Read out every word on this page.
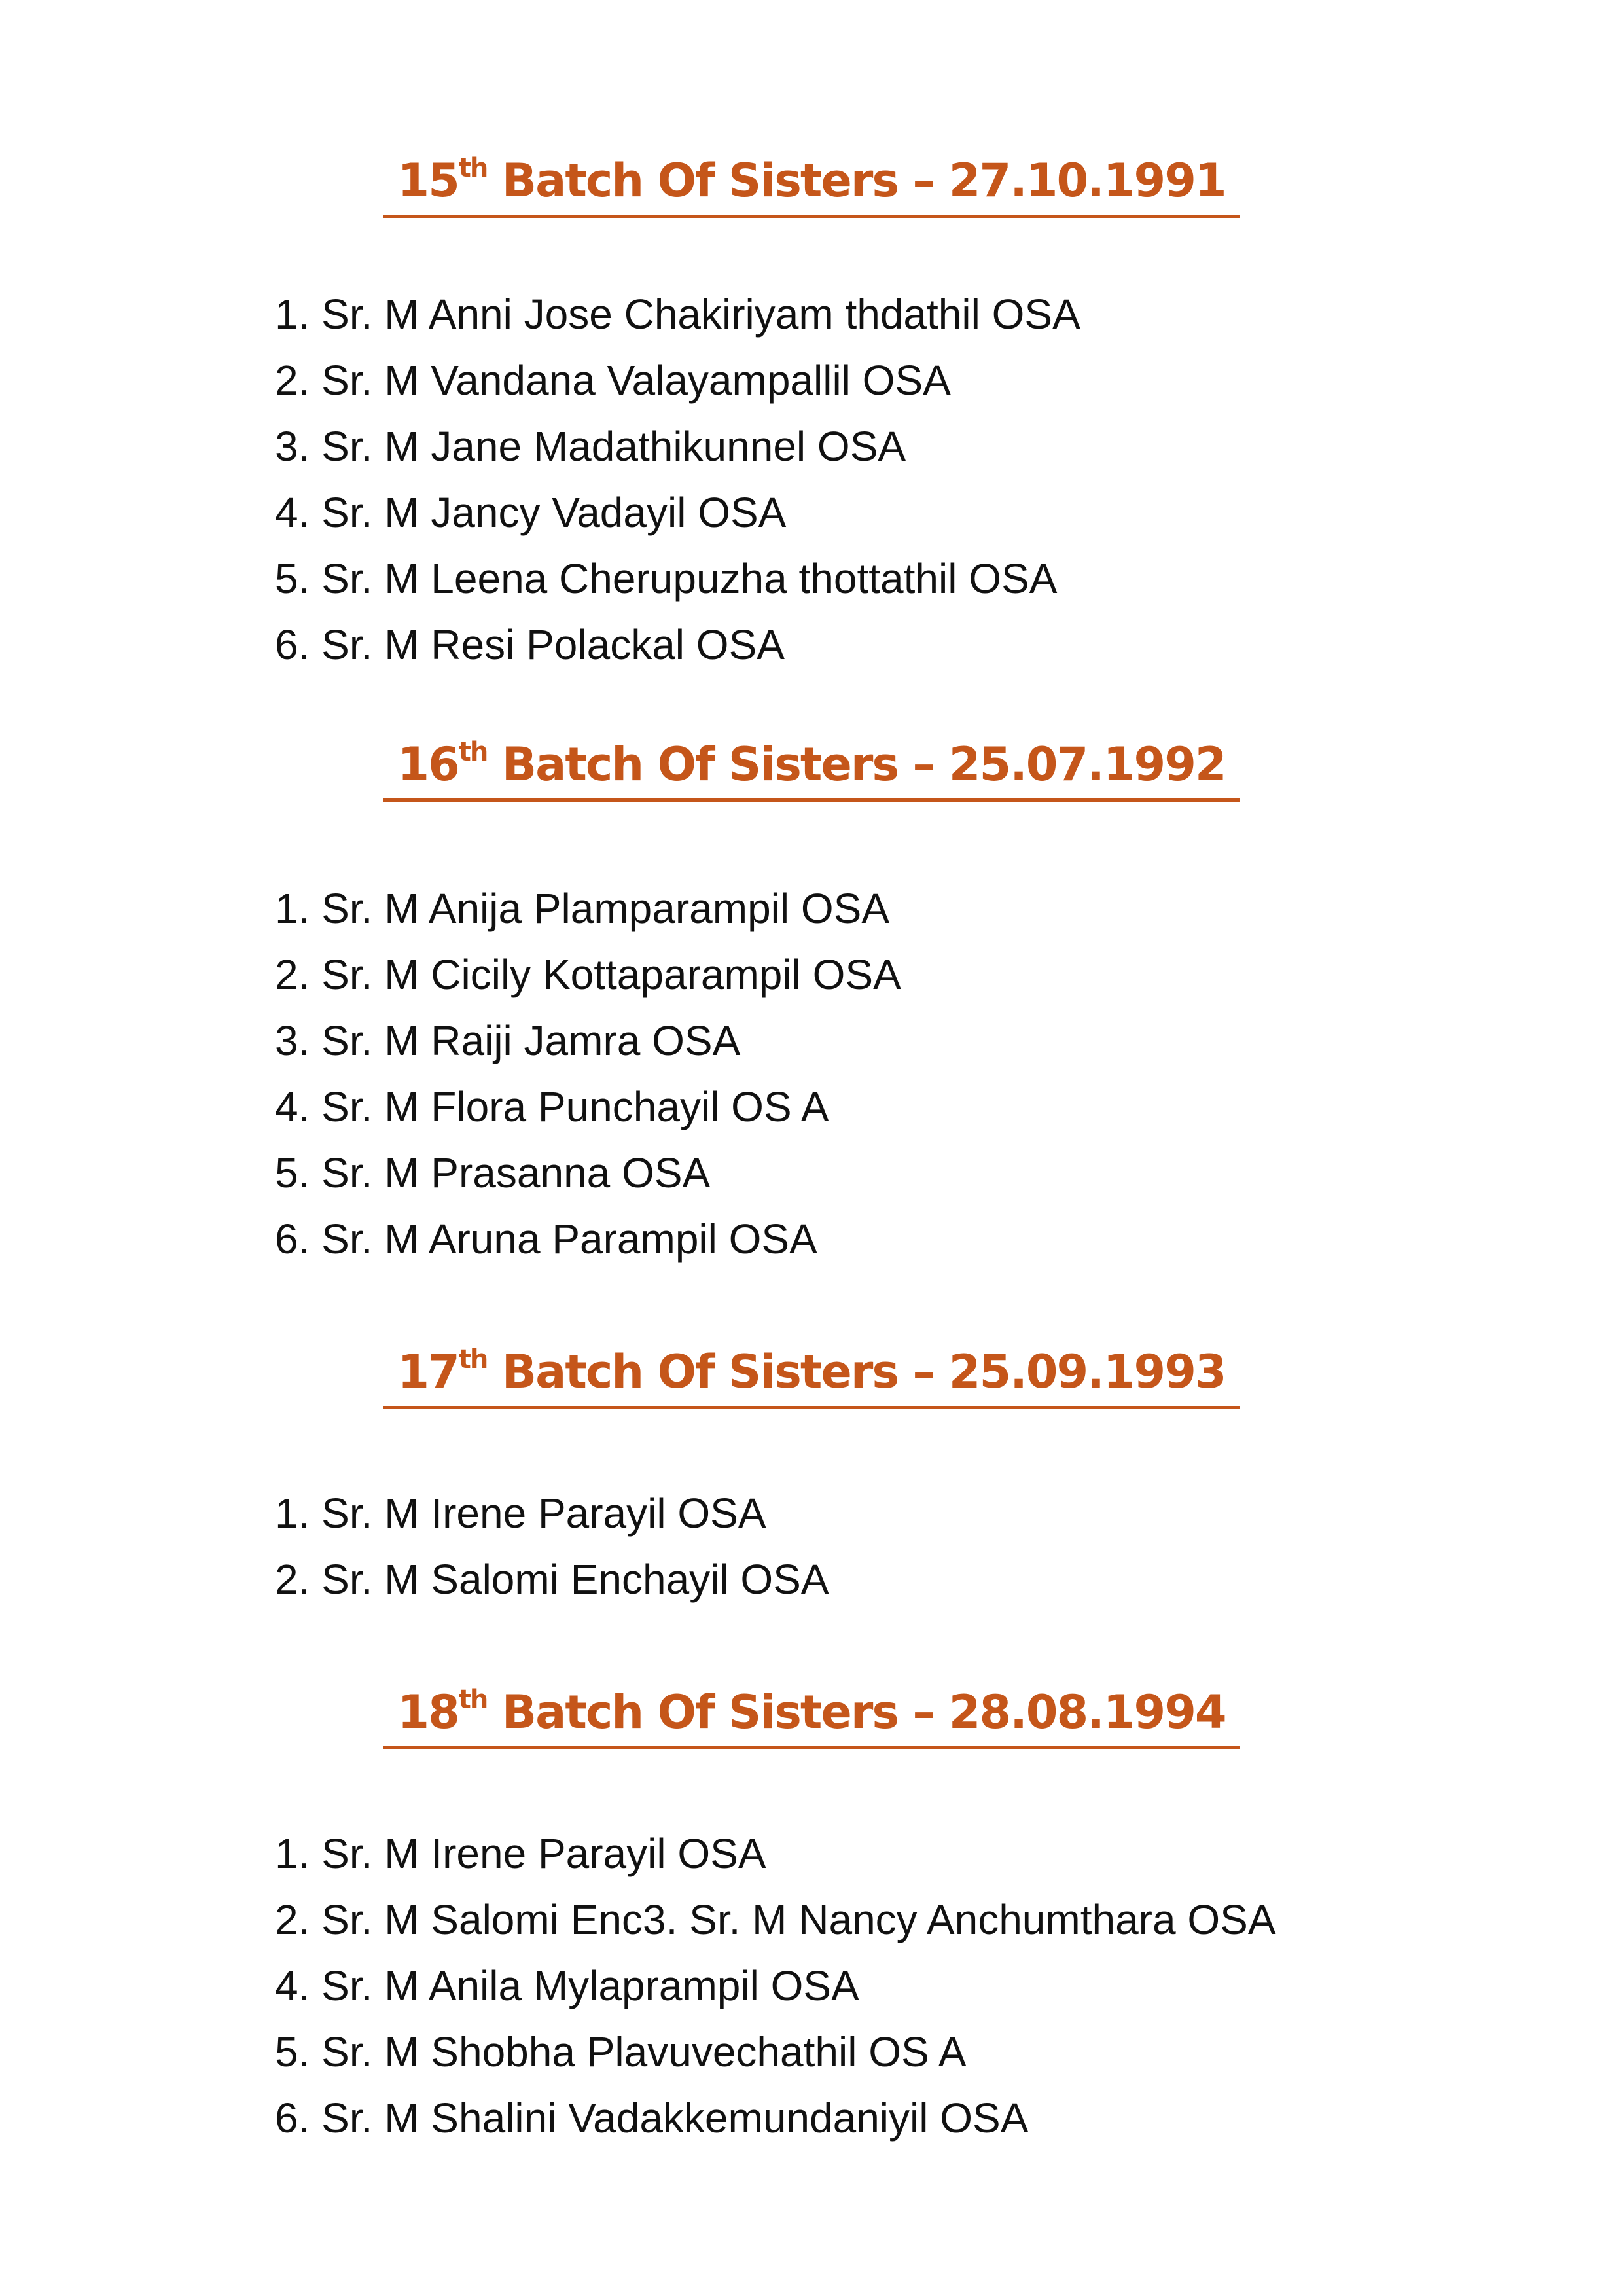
15th Batch Of Sisters – 27.10.1991
1. Sr. M Anni Jose Chakiriyam thdathil OSA
2. Sr. M Vandana Valayampallil OSA
3. Sr. M Jane Madathikunnel OSA
4. Sr. M Jancy Vadayil OSA
5. Sr. M Leena Cherupuzha thottathil OSA
6. Sr. M Resi Polackal OSA
16th Batch Of Sisters – 25.07.1992
1. Sr. M Anija Plamparampil OSA
2. Sr. M Cicily Kottaparampil OSA
3. Sr. M Raiji Jamra OSA
4. Sr. M Flora Punchayil OS A
5. Sr. M Prasanna OSA
6. Sr. M Aruna Parampil OSA
17th Batch Of Sisters – 25.09.1993
1. Sr. M Irene Parayil OSA
2. Sr. M Salomi Enchayil OSA
18th Batch Of Sisters – 28.08.1994
1. Sr. M Irene Parayil OSA
2. Sr. M Salomi Enc3. Sr. M Nancy Anchumthara OSA
4. Sr. M Anila Mylaprampil OSA
5. Sr. M Shobha Plavuvechathil OS A
6. Sr. M Shalini Vadakkemundaniyil OSA
